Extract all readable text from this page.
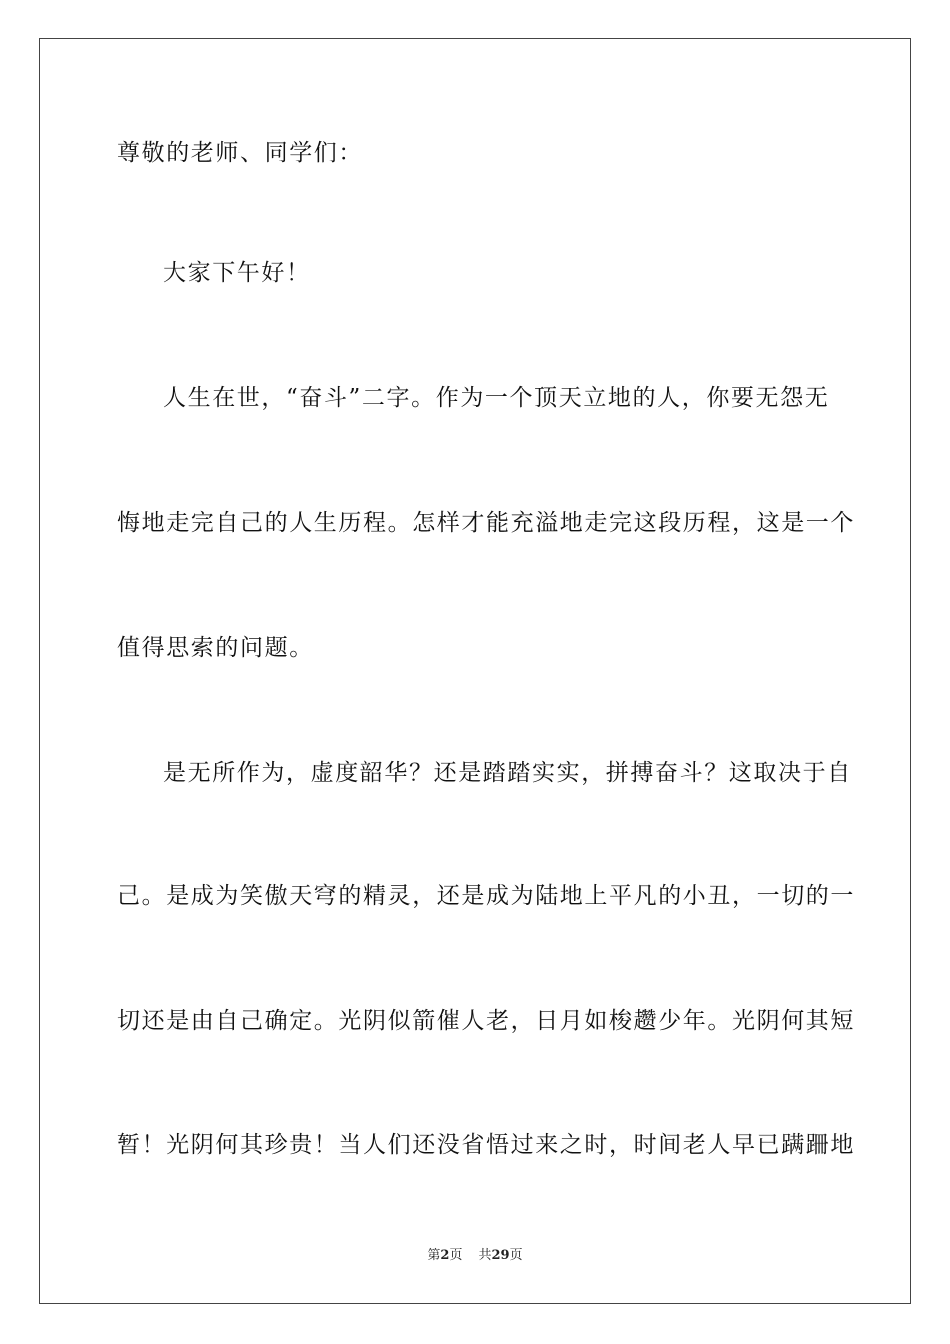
尊敬的老师、同学们：
大家下午好！
人生在世，“奋斗”二字。作为一个顶天立地的人，你要无怨无
悔地走完自己的人生历程。怎样才能充溢地走完这段历程，这是一个
值得思索的问题。
是无所作为，虚度韶华？还是踏踏实实，拼搏奋斗？这取决于自
己。是成为笑傲天穹的精灵，还是成为陆地上平凡的小丑，一切的一
切还是由自己确定。光阴似箭催人老，日月如梭趱少年。光阴何其短
暂！光阴何其珍贵！当人们还没省悟过来之时，时间老人早已蹒跚地
第2页 共29页
